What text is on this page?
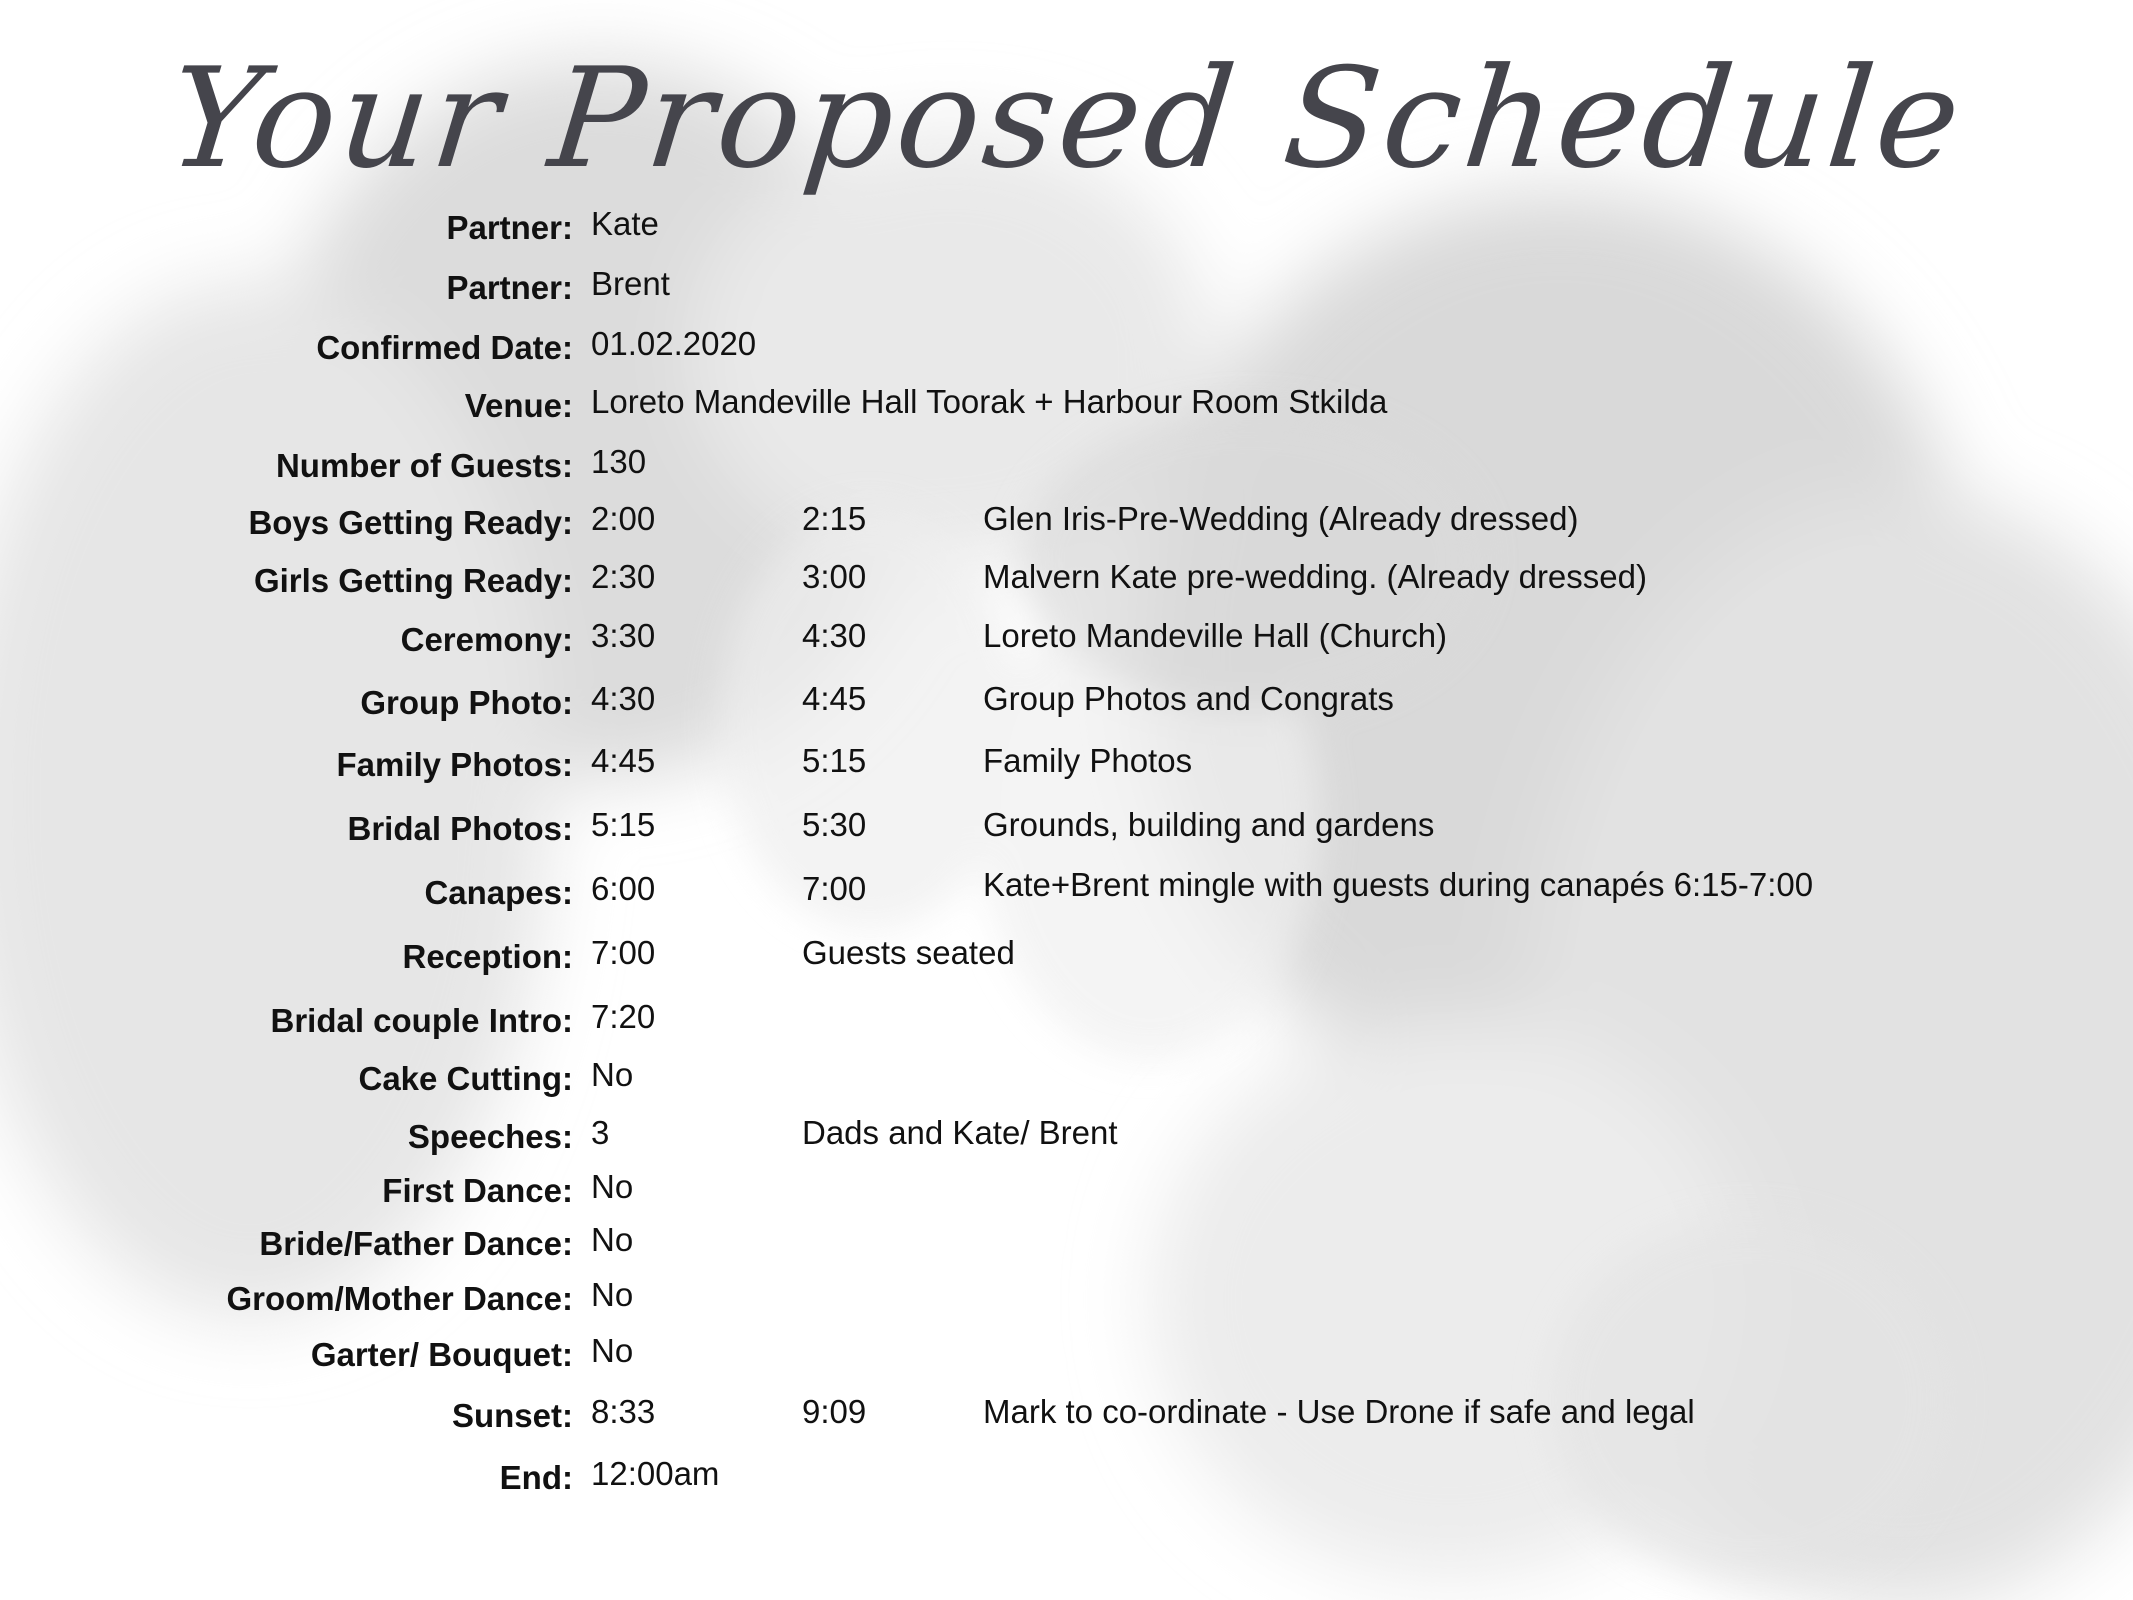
Your Proposed Schedule
Partner: Kate
Partner: Brent
Confirmed Date: 01.02.2020
Venue: Loreto Mandeville Hall Toorak + Harbour Room Stkilda
Number of Guests: 130
Boys Getting Ready: 2:00	2:15	Glen Iris-Pre-Wedding (Already dressed)
Girls Getting Ready: 2:30	3:00	Malvern Kate pre-wedding. (Already dressed)
Ceremony: 3:30	4:30	Loreto Mandeville Hall (Church)
Group Photo: 4:30	4:45	Group Photos and Congrats
Family Photos: 4:45	5:15	Family Photos
Bridal Photos: 5:15	5:30	Grounds, building and gardens
Canapes: 6:00	7:00	Kate+Brent mingle with guests during canapés 6:15-7:00
Reception: 7:00	Guests seated
Bridal couple Intro: 7:20
Cake Cutting: No
Speeches: 3	Dads and Kate/ Brent
First Dance: No
Bride/Father Dance: No
Groom/Mother Dance: No
Garter/ Bouquet: No
Sunset: 8:33	9:09	Mark to co-ordinate - Use Drone if safe and legal
End: 12:00am
